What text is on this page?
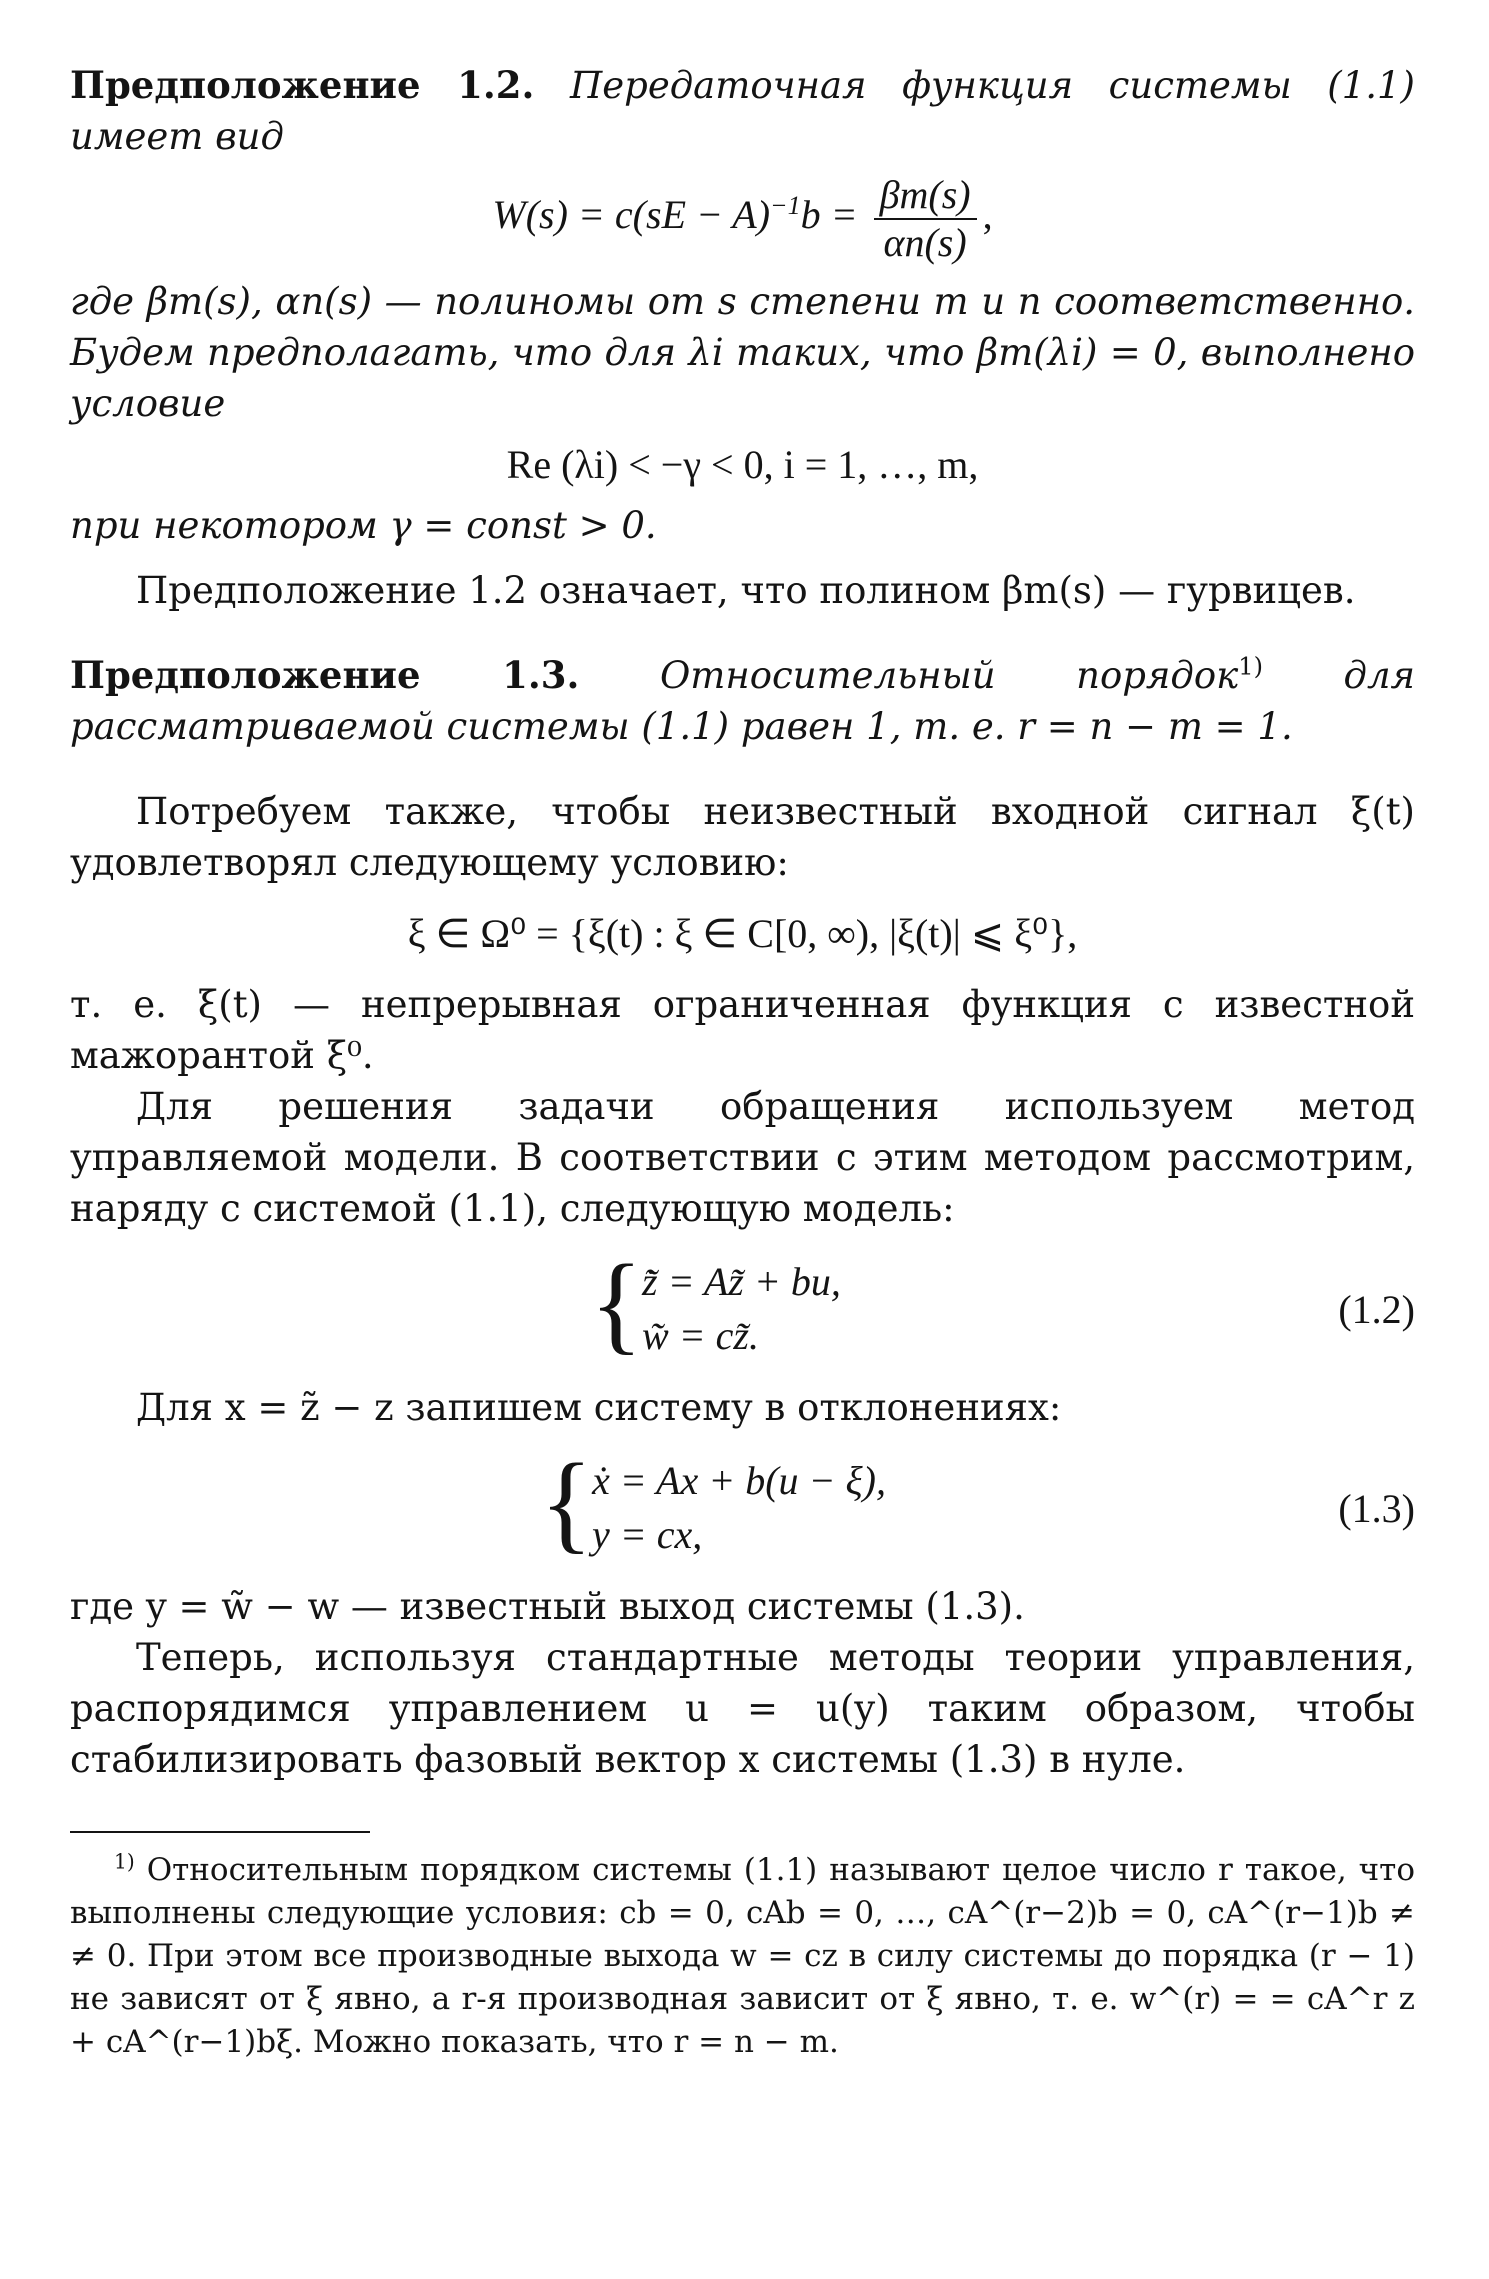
Предположение 1.2. Передаточная функция системы (1.1) имеет вид

$W(s) = c(sE - A)^{-1}b = \frac{\beta m(s)}{\alpha n(s)}$ ,

где βm(s), αn(s) — полиномы от s степени m и n соответственно. Будем предполагать, что для λi таких, что βm(λi) = 0, выполнено условие

Re (λi) < −γ < 0, i = 1, …, m,

при некотором γ = const > 0.

Предположение 1.2 означает, что полином βm(s) — гурвицев.

Предположение 1.3. Относительный порядок$^{1)}$ для рассматриваемой системы (1.1) равен 1, т. е. r = n − m = 1.

Потребуем также, чтобы неизвестный входной сигнал ξ(t) удовлетворял следующему условию:

ξ ∈ Ω⁰ = {ξ(t) : ξ ∈ C[0, ∞), |ξ(t)| ⩽ ξ⁰},

т. е. ξ(t) — непрерывная ограниченная функция с известной мажорантой ξ⁰.

Для решения задачи обращения используем метод управляемой модели. В соответствии с этим методом рассмотрим, наряду с системой (1.1), следующую модель:

{ z̃̇ = Az̃ + bu,
w̃ = cz̃.
(1.2)

Для x = z̃ − z запишем систему в отклонениях:

{ ẋ = Ax + b(u − ξ),
y = cx,
(1.3)

где y = w̃ − w — известный выход системы (1.3).

Теперь, используя стандартные методы теории управления, распорядимся управлением u = u(y) таким образом, чтобы стабилизировать фазовый вектор x системы (1.3) в нуле.

$^{1)}$ Относительным порядком системы (1.1) называют целое число r такое, что выполнены следующие условия: cb = 0, cAb = 0, …, cA^(r−2)b = 0, cA^(r−1)b ≠ ≠ 0. При этом все производные выхода w = cz в силу системы до порядка (r − 1) не зависят от ξ явно, а r-я производная зависит от ξ явно, т. е. w^(r) = = cA^r z + cA^(r−1)bξ. Можно показать, что r = n − m.
